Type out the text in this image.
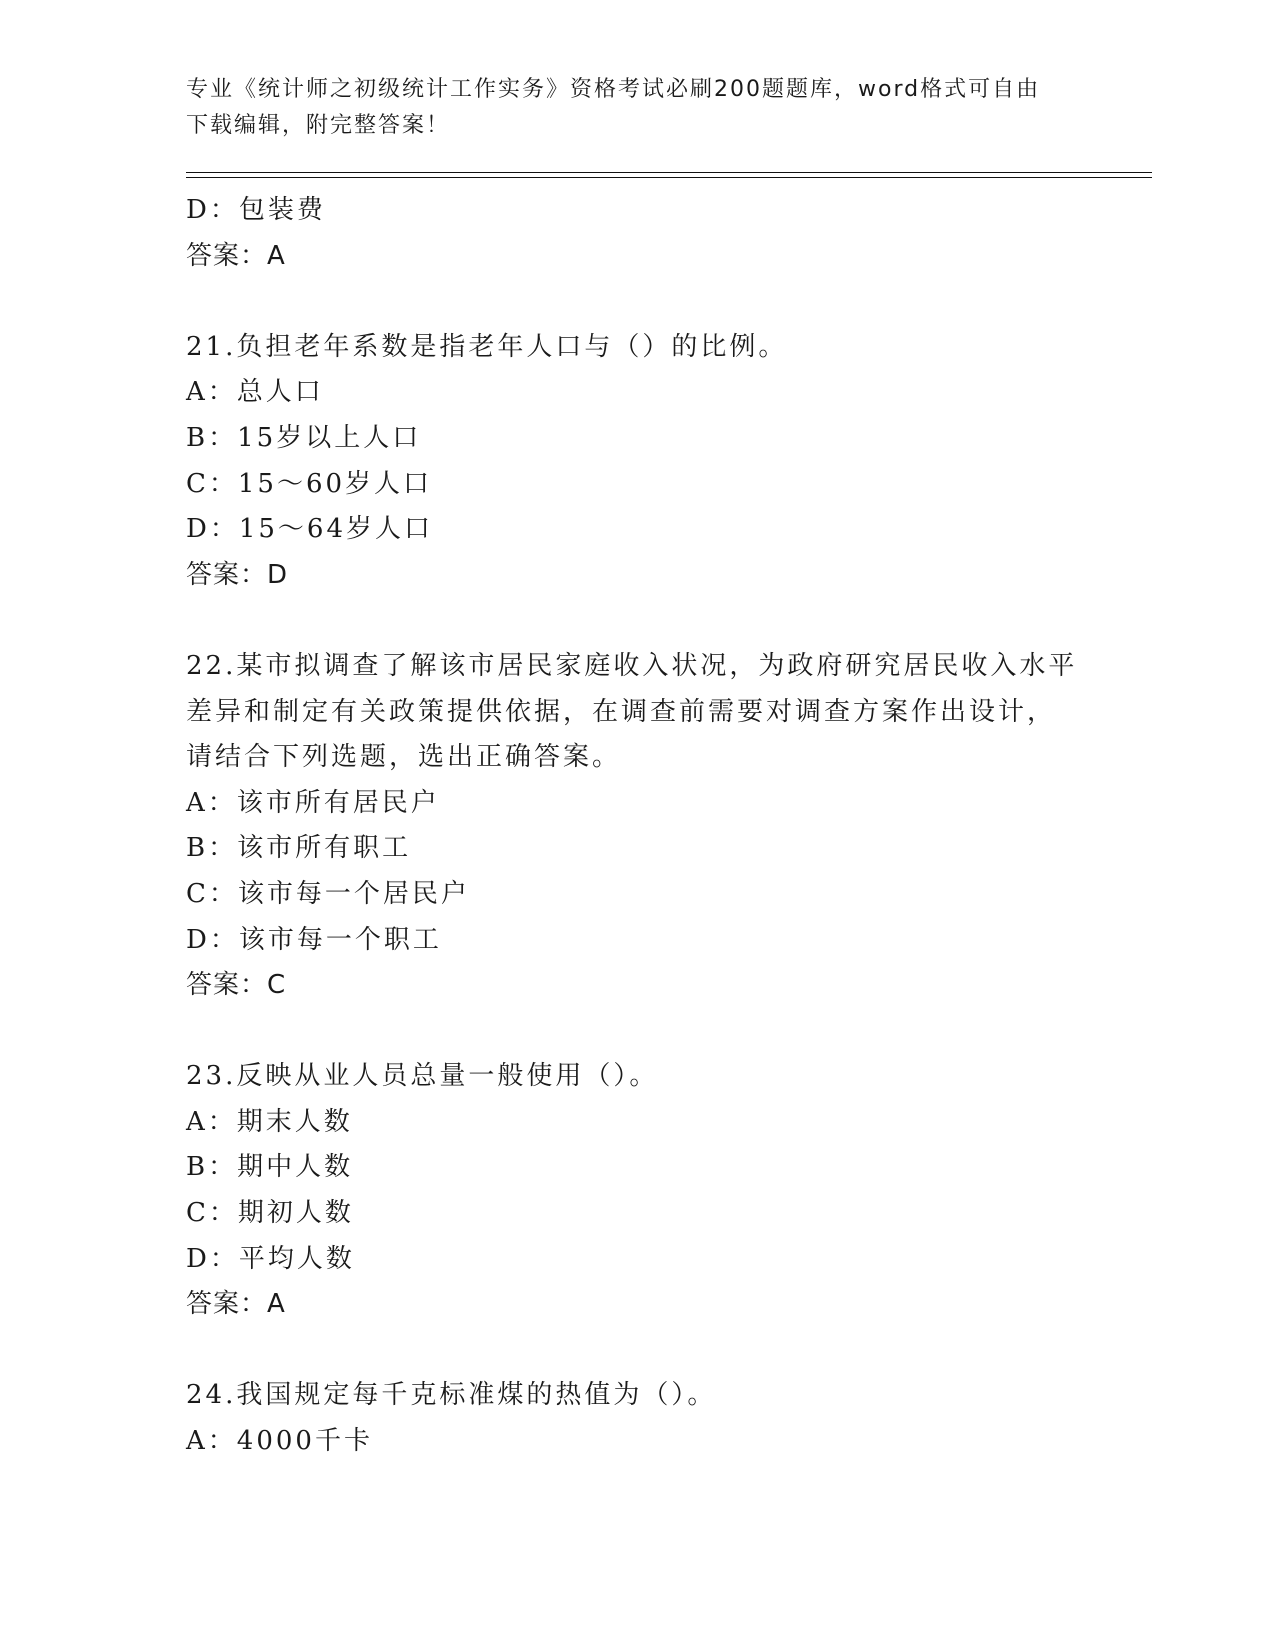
专业《统计师之初级统计工作实务》资格考试必刷200题题库，word格式可自由
下载编辑，附完整答案！
D：包装费
答案：A
21.负担老年系数是指老年人口与（）的比例。
A：总人口
B：15岁以上人口
C：15～60岁人口
D：15～64岁人口
答案：D
22.某市拟调查了解该市居民家庭收入状况，为政府研究居民收入水平
差异和制定有关政策提供依据，在调查前需要对调查方案作出设计，
请结合下列选题，选出正确答案。
A：该市所有居民户
B：该市所有职工
C：该市每一个居民户
D：该市每一个职工
答案：C
23.反映从业人员总量一般使用（）。
A：期末人数
B：期中人数
C：期初人数
D：平均人数
答案：A
24.我国规定每千克标准煤的热值为（）。
A：4000千卡
